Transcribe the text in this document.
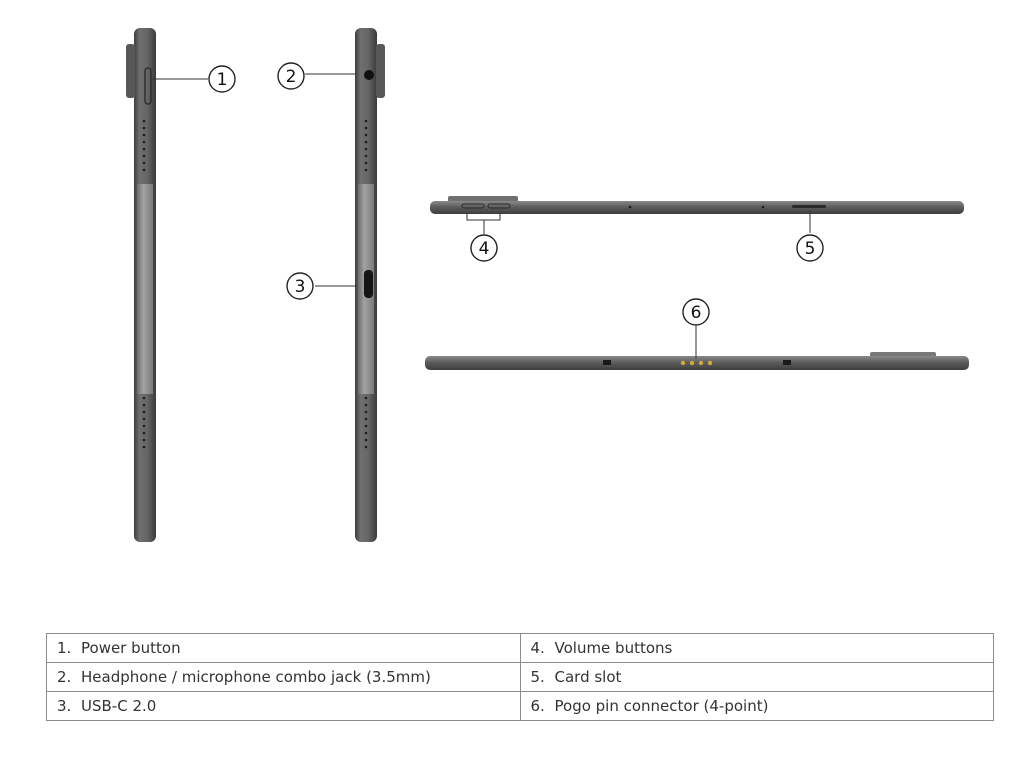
1	2
3
4	5
6
1. Power button	4. Volume buttons
2. Headphone / microphone combo jack (3.5mm)	5. Card slot
3. USB-C 2.0	6. Pogo pin connector (4-point)
